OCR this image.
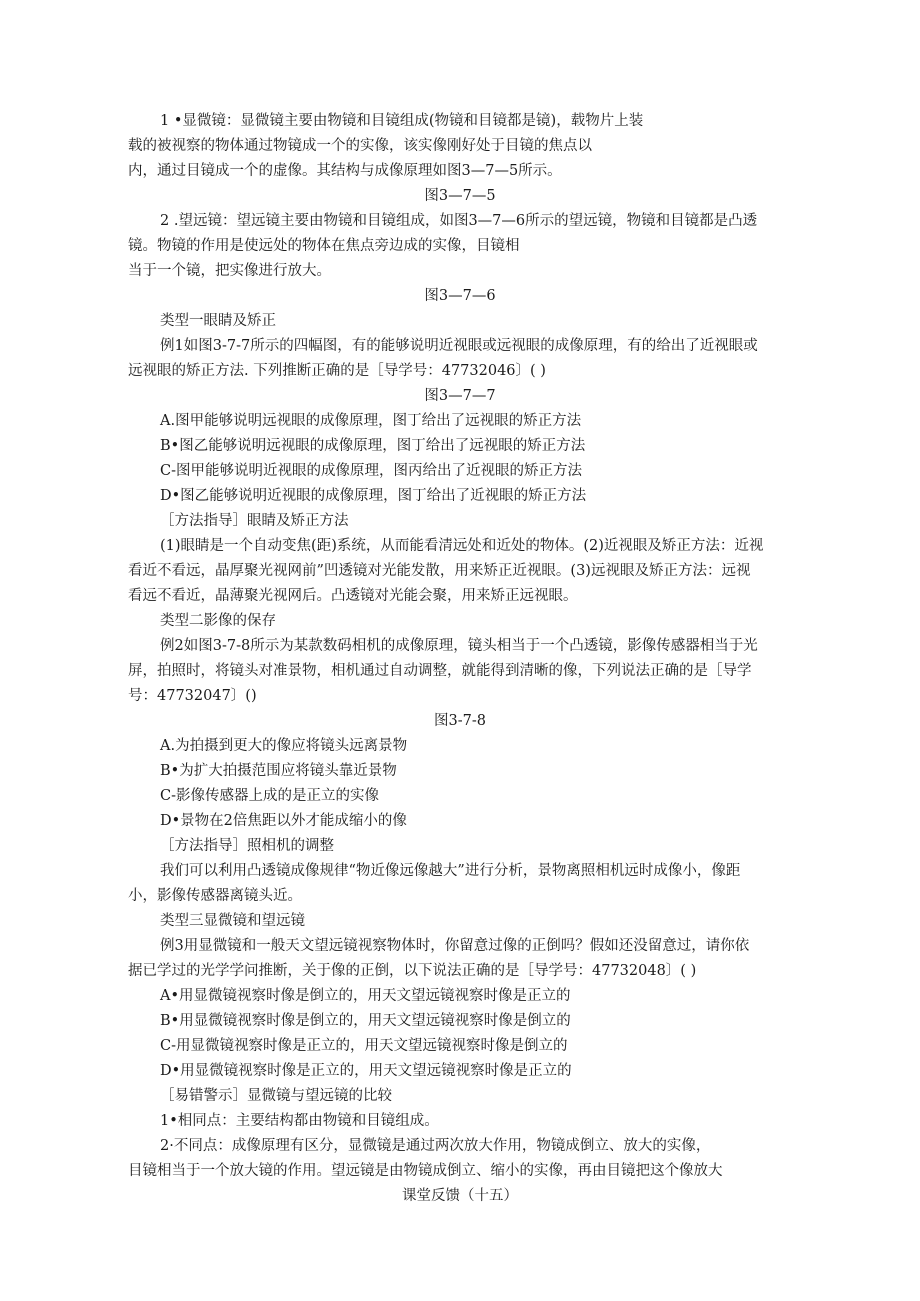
1 •显微镜：显微镜主要由物镜和目镜组成(物镜和目镜都是镜)，载物片上装
载的被视察的物体通过物镜成一个的实像，该实像刚好处于目镜的焦点以
内，通过目镜成一个的虚像。其结构与成像原理如图3—7—5所示。
图3—7—5
2 .望远镜：望远镜主要由物镜和目镜组成，如图3—7—6所示的望远镜，物镜和目镜都是凸透
镜。物镜的作用是使远处的物体在焦点旁边成的实像，目镜相
当于一个镜，把实像进行放大。
图3—7—6
类型一眼睛及矫正
例1如图3-7-7所示的四幅图，有的能够说明近视眼或远视眼的成像原理，有的给出了近视眼或
远视眼的矫正方法. 下列推断正确的是［导学号：47732046〕( )
图3—7—7
A.图甲能够说明远视眼的成像原理，图丁给出了远视眼的矫正方法
B•图乙能够说明远视眼的成像原理，图丁给出了远视眼的矫正方法
C-图甲能够说明近视眼的成像原理，图丙给出了近视眼的矫正方法
D•图乙能够说明近视眼的成像原理，图丁给出了近视眼的矫正方法
［方法指导］眼睛及矫正方法
(1)眼睛是一个自动变焦(距)系统，从而能看清远处和近处的物体。(2)近视眼及矫正方法：近视
看近不看远，晶厚聚光视网前”凹透镜对光能发散，用来矫正近视眼。(3)远视眼及矫正方法：远视
看远不看近，晶薄聚光视网后。凸透镜对光能会聚，用来矫正远视眼。
类型二影像的保存
例2如图3-7-8所示为某款数码相机的成像原理，镜头相当于一个凸透镜，影像传感器相当于光
屏，拍照时，将镜头对准景物，相机通过自动调整，就能得到清晰的像，下列说法正确的是［导学
号：47732047〕()
图3-7-8
A.为拍摄到更大的像应将镜头远离景物
B•为扩大拍摄范围应将镜头靠近景物
C-影像传感器上成的是正立的实像
D•景物在2倍焦距以外才能成缩小的像
［方法指导］照相机的调整
我们可以利用凸透镜成像规律“物近像远像越大”进行分析，景物离照相机远时成像小，像距
小，影像传感器离镜头近。
类型三显微镜和望远镜
例3用显微镜和一般天文望远镜视察物体时，你留意过像的正倒吗？假如还没留意过，请你依
据已学过的光学学问推断，关于像的正倒，以下说法正确的是［导学号：47732048〕( )
A•用显微镜视察时像是倒立的，用天文望远镜视察时像是正立的
B•用显微镜视察时像是倒立的，用天文望远镜视察时像是倒立的
C-用显微镜视察时像是正立的，用天文望远镜视察时像是倒立的
D•用显微镜视察时像是正立的，用天文望远镜视察时像是正立的
［易错警示］显微镜与望远镜的比较
1•相同点：主要结构都由物镜和目镜组成。
2·不同点：成像原理有区分，显微镜是通过两次放大作用，物镜成倒立、放大的实像，
目镜相当于一个放大镜的作用。望远镜是由物镜成倒立、缩小的实像，再由目镜把这个像放大
课堂反馈（十五）
